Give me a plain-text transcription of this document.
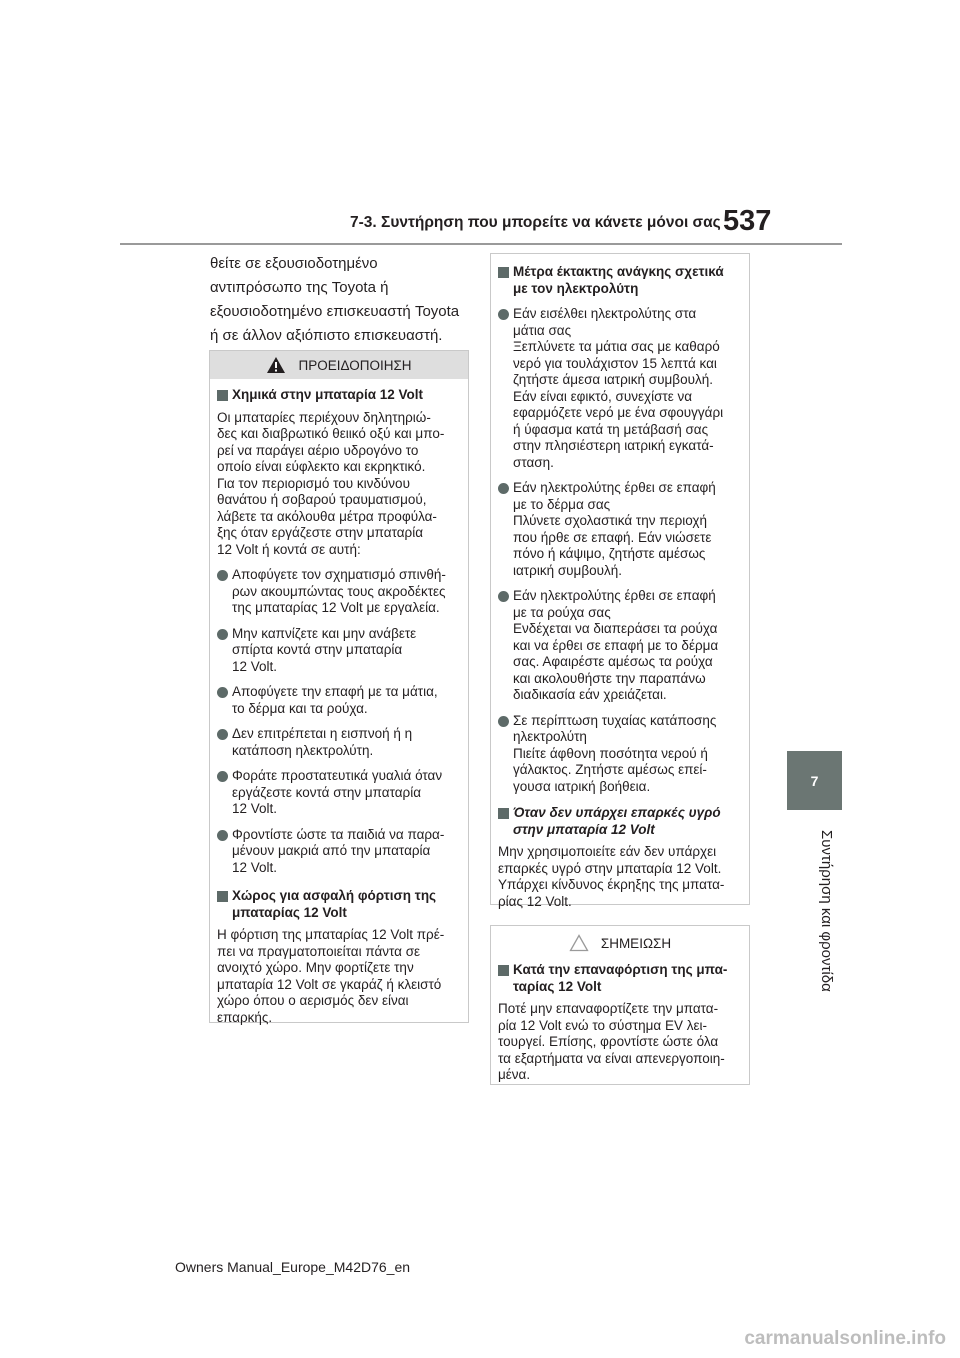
7-3. Συντήρηση που μπορείτε να κάνετε μόνοι σας 537
7
Συντήρηση και φροντίδα
θείτε σε εξουσιοδοτημένο αντιπρόσωπο της Toyota ή εξουσιοδοτημένο επισκευαστή Toyota ή σε άλλον αξιόπιστο επισκευαστή.
ΠΡΟΕΙΔΟΠΟΙΗΣΗ
Χημικά στην μπαταρία 12 Volt
Οι μπαταρίες περιέχουν δηλητηριώ-
δες και διαβρωτικό θειικό οξύ και μπο-
ρεί να παράγει αέριο υδρογόνο το
οποίο είναι εύφλεκτο και εκρηκτικό.
Για τον περιορισμό του κινδύνου
θανάτου ή σοβαρού τραυματισμού,
λάβετε τα ακόλουθα μέτρα προφύλα-
ξης όταν εργάζεστε στην μπαταρία
12 Volt ή κοντά σε αυτή:
Αποφύγετε τον σχηματισμό σπινθή-
ρων ακουμπώντας τους ακροδέκτες
της μπαταρίας 12 Volt με εργαλεία.
Μην καπνίζετε και μην ανάβετε
σπίρτα κοντά στην μπαταρία
12 Volt.
Αποφύγετε την επαφή με τα μάτια,
το δέρμα και τα ρούχα.
Δεν επιτρέπεται η εισπνοή ή η
κατάποση ηλεκτρολύτη.
Φοράτε προστατευτικά γυαλιά όταν
εργάζεστε κοντά στην μπαταρία
12 Volt.
Φροντίστε ώστε τα παιδιά να παρα-
μένουν μακριά από την μπαταρία
12 Volt.
Χώρος για ασφαλή φόρτιση της
μπαταρίας 12 Volt
Η φόρτιση της μπαταρίας 12 Volt πρέ-
πει να πραγματοποιείται πάντα σε
ανοιχτό χώρο. Μην φορτίζετε την
μπαταρία 12 Volt σε γκαράζ ή κλειστό
χώρο όπου ο αερισμός δεν είναι
επαρκής.
Μέτρα έκτακτης ανάγκης σχετικά
με τον ηλεκτρολύτη
Εάν εισέλθει ηλεκτρολύτης στα
μάτια σας
Ξεπλύνετε τα μάτια σας με καθαρό
νερό για τουλάχιστον 15 λεπτά και
ζητήστε άμεσα ιατρική συμβουλή.
Εάν είναι εφικτό, συνεχίστε να
εφαρμόζετε νερό με ένα σφουγγάρι
ή ύφασμα κατά τη μετάβασή σας
στην πλησιέστερη ιατρική εγκατά-
σταση.
Εάν ηλεκτρολύτης έρθει σε επαφή
με το δέρμα σας
Πλύνετε σχολαστικά την περιοχή
που ήρθε σε επαφή. Εάν νιώσετε
πόνο ή κάψιμο, ζητήστε αμέσως
ιατρική συμβουλή.
Εάν ηλεκτρολύτης έρθει σε επαφή
με τα ρούχα σας
Ενδέχεται να διαπεράσει τα ρούχα
και να έρθει σε επαφή με το δέρμα
σας. Αφαιρέστε αμέσως τα ρούχα
και ακολουθήστε την παραπάνω
διαδικασία εάν χρειάζεται.
Σε περίπτωση τυχαίας κατάποσης
ηλεκτρολύτη
Πιείτε άφθονη ποσότητα νερού ή
γάλακτος. Ζητήστε αμέσως επεί-
γουσα ιατρική βοήθεια.
Όταν δεν υπάρχει επαρκές υγρό
στην μπαταρία 12 Volt
Μην χρησιμοποιείτε εάν δεν υπάρχει
επαρκές υγρό στην μπαταρία 12 Volt.
Υπάρχει κίνδυνος έκρηξης της μπατα-
ρίας 12 Volt.
ΣΗΜΕΙΩΣΗ
Κατά την επαναφόρτιση της μπα-
ταρίας 12 Volt
Ποτέ μην επαναφορτίζετε την μπατα-
ρία 12 Volt ενώ το σύστημα EV λει-
τουργεί. Επίσης, φροντίστε ώστε όλα
τα εξαρτήματα να είναι απενεργοποιη-
μένα.
Owners Manual_Europe_M42D76_en
carmanualsonline.info
